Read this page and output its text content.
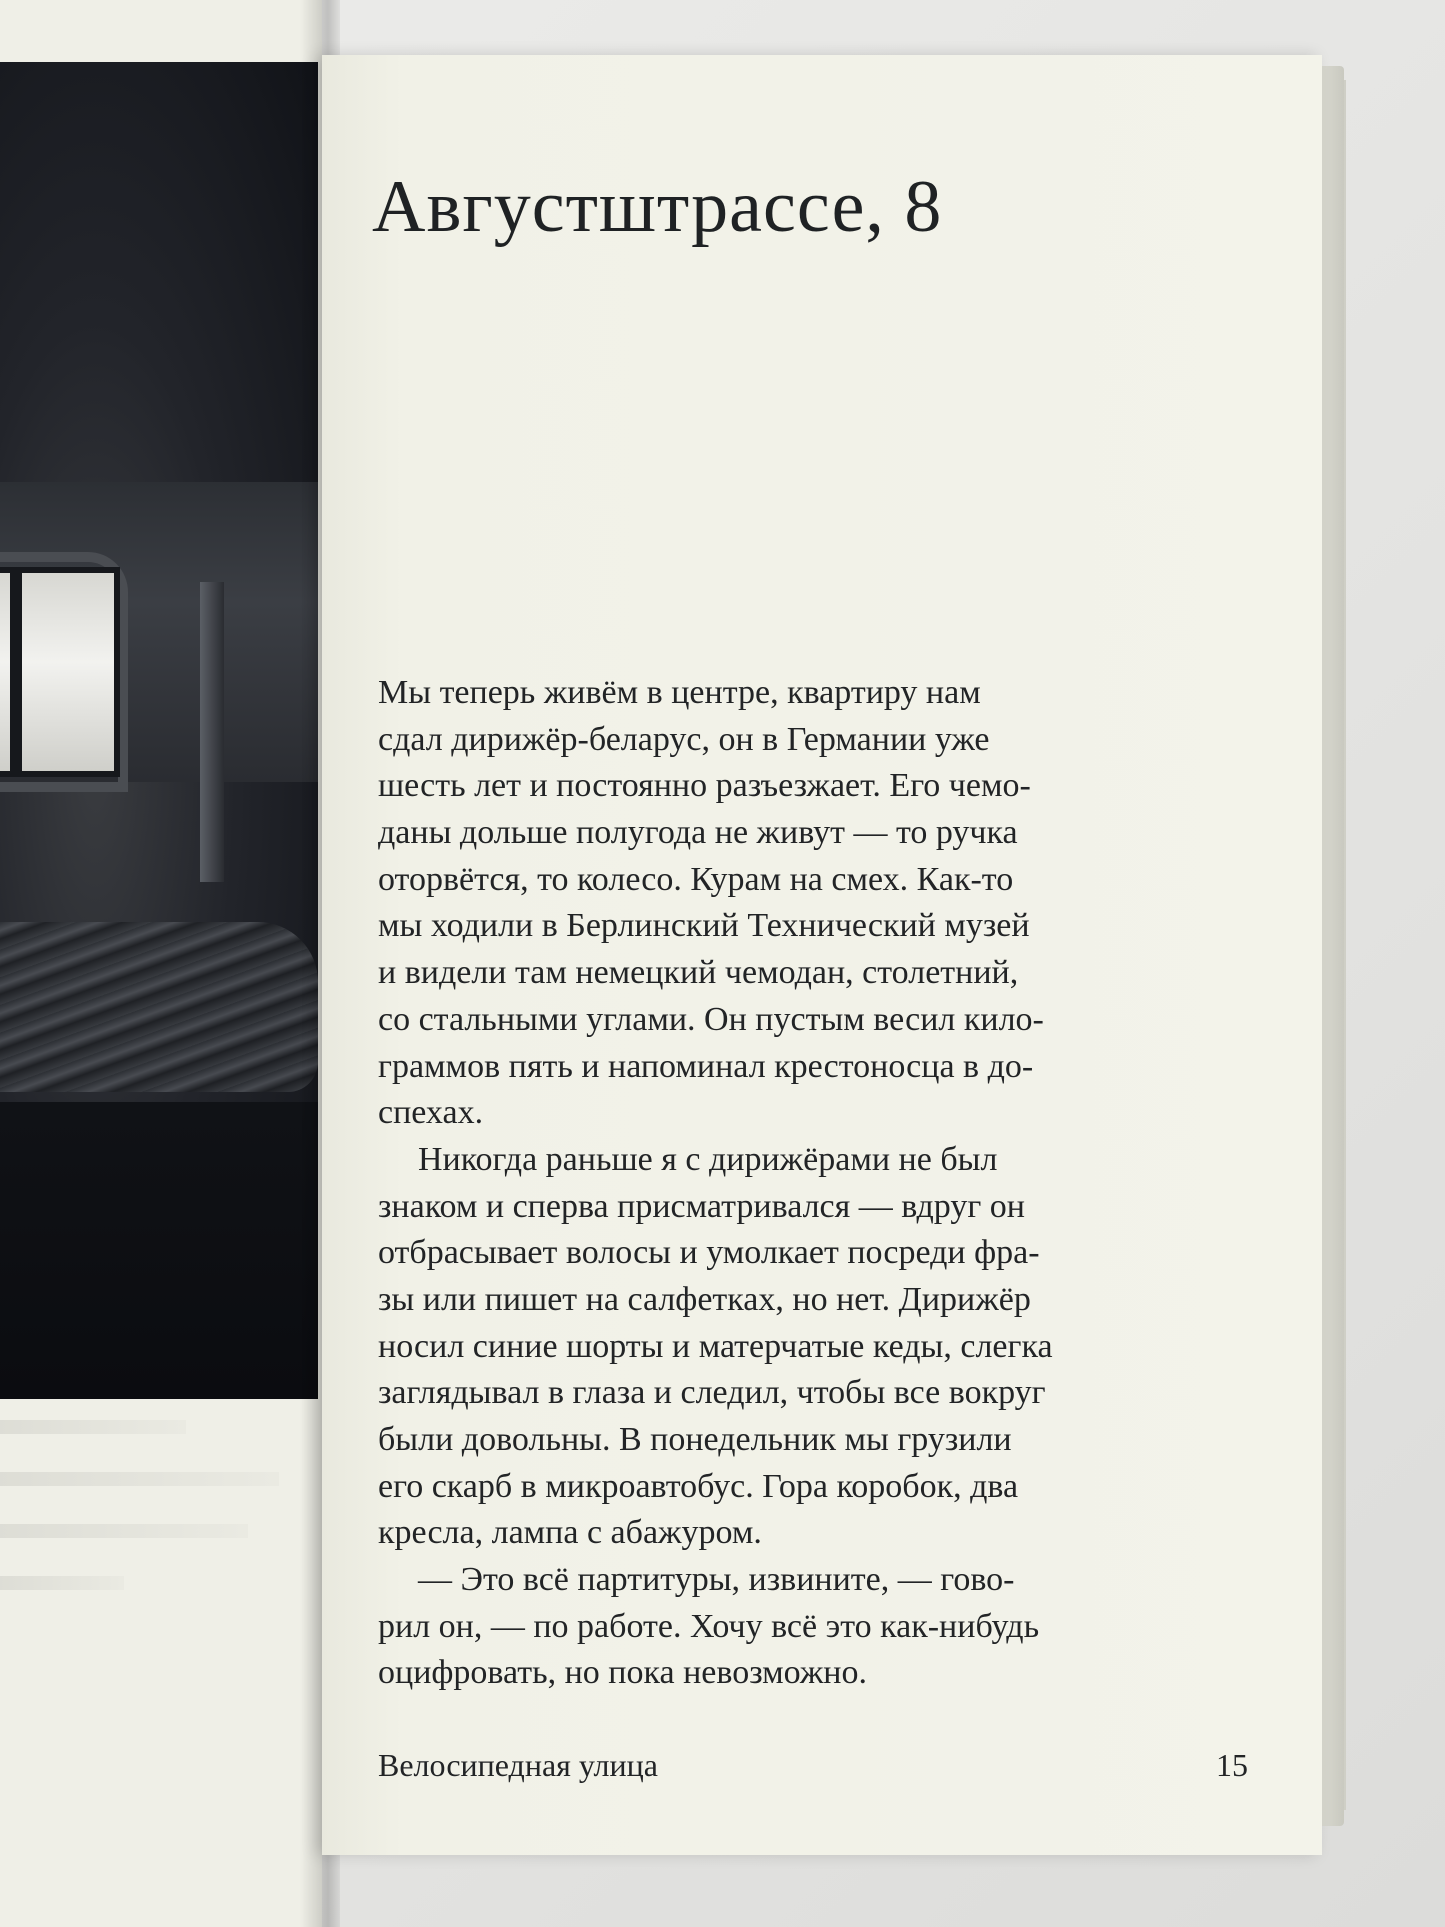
Августштрассе, 8
Мы теперь живём в центре, квартиру нам
сдал дирижёр-беларус, он в Германии уже
шесть лет и постоянно разъезжает. Его чемо-
даны дольше полугода не живут — то ручка
оторвётся, то колесо. Курам на смех. Как-то
мы ходили в Берлинский Технический музей
и видели там немецкий чемодан, столетний,
со стальными углами. Он пустым весил кило-
граммов пять и напоминал крестоносца в до-
спехах.
Никогда раньше я с дирижёрами не был
знаком и сперва присматривался — вдруг он
отбрасывает волосы и умолкает посреди фра-
зы или пишет на салфетках, но нет. Дирижёр
носил синие шорты и матерчатые кеды, слегка
заглядывал в глаза и следил, чтобы все вокруг
были довольны. В понедельник мы грузили
его скарб в микроавтобус. Гора коробок, два
кресла, лампа с абажуром.
— Это всё партитуры, извините, — гово-
рил он, — по работе. Хочу всё это как-нибудь
оцифровать, но пока невозможно.
Велосипедная улица	15
